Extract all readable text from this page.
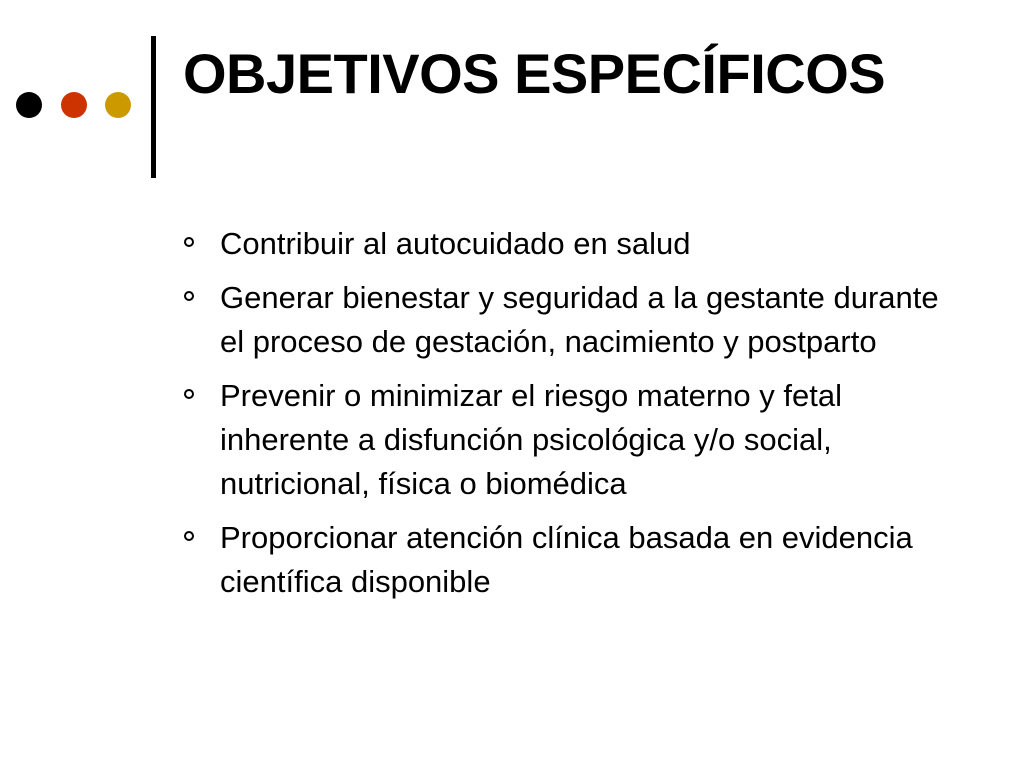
OBJETIVOS ESPECÍFICOS
Contribuir al autocuidado en salud
Generar bienestar y seguridad a la gestante durante el proceso de gestación, nacimiento y postparto
Prevenir o minimizar el riesgo materno y fetal inherente a disfunción psicológica y/o social, nutricional, física o biomédica
Proporcionar atención clínica basada en evidencia científica disponible
